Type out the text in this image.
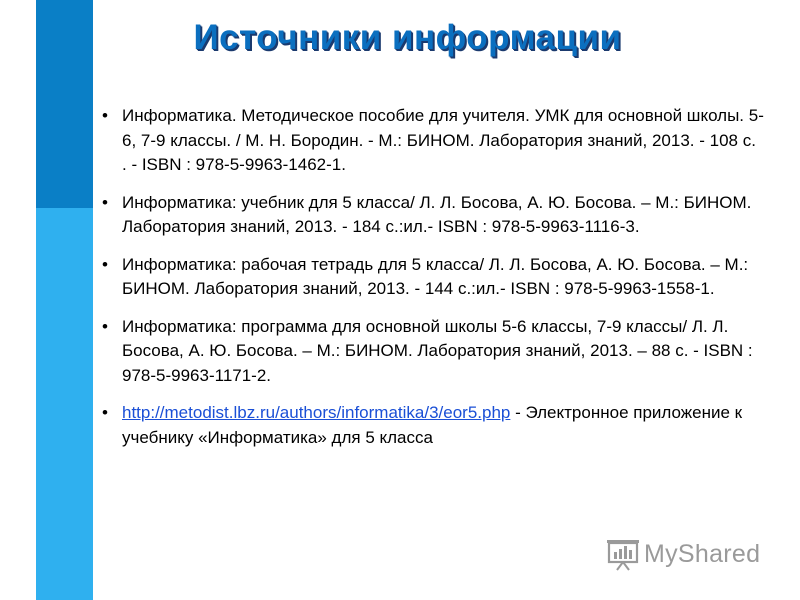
Источники информации
• Информатика. Методическое пособие для учителя. УМК для основной школы. 5-6, 7-9 классы. / М. Н. Бородин. - М.: БИНОМ. Лаборатория знаний, 2013. - 108 с. . - ISBN : 978-5-9963-1462-1.
• Информатика: учебник для 5 класса/ Л. Л. Босова, А. Ю. Босова. – М.: БИНОМ. Лаборатория знаний, 2013. - 184 с.:ил.- ISBN : 978-5-9963-1116-3.
• Информатика: рабочая тетрадь для 5 класса/ Л. Л. Босова, А. Ю. Босова. – М.: БИНОМ. Лаборатория знаний, 2013. - 144 с.:ил.- ISBN : 978-5-9963-1558-1.
• Информатика: программа для основной школы 5-6 классы, 7-9 классы/ Л. Л. Босова, А. Ю. Босова. – М.: БИНОМ. Лаборатория знаний, 2013. – 88 с. - ISBN : 978-5-9963-1171-2.
• http://metodist.lbz.ru/authors/informatika/3/eor5.php - Электронное приложение к учебнику «Информатика» для 5 класса
MyShared
